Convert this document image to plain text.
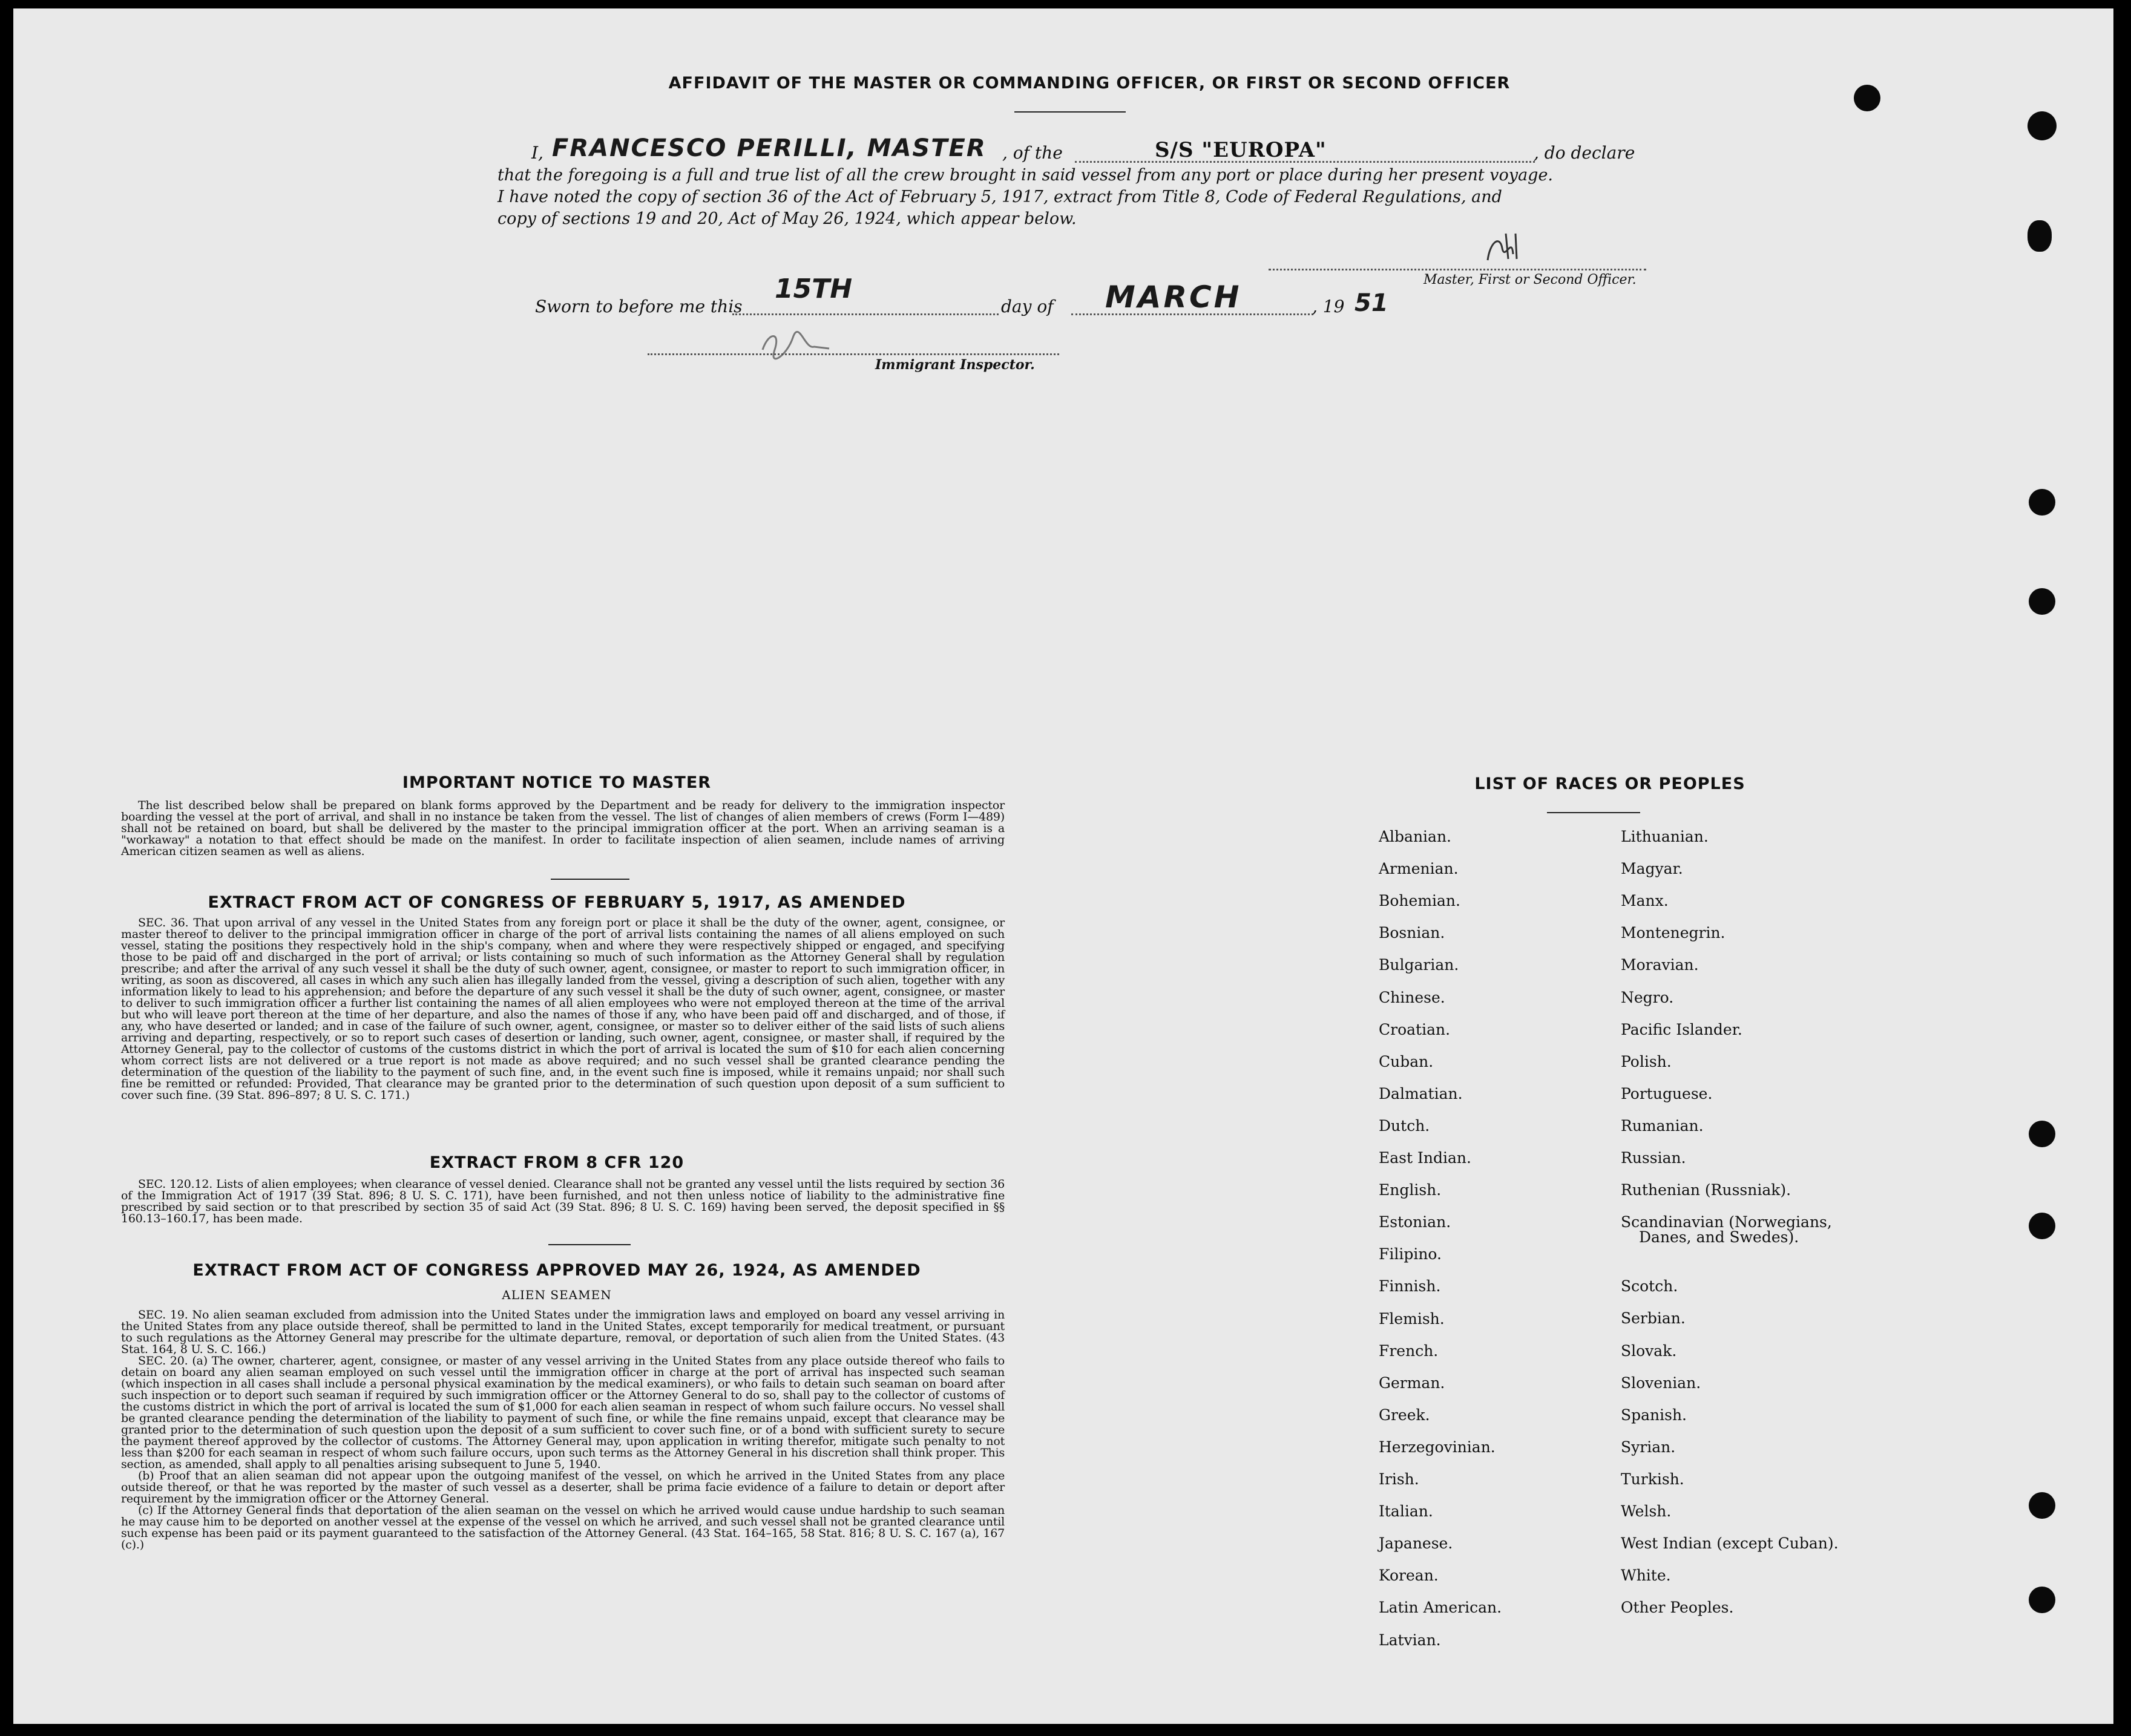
AFFIDAVIT OF THE MASTER OR COMMANDING OFFICER, OR FIRST OR SECOND OFFICER
I, FRANCESCO PERILLI, MASTER , of the	S/S "EUROPA"	, do declare
that the foregoing is a full and true list of all the crew brought in said vessel from any port or place during her present voyage.
I have noted the copy of section 36 of the Act of February 5, 1917, extract from Title 8, Code of Federal Regulations, and
copy of sections 19 and 20, Act of May 26, 1924, which appear below.
Master, First or Second Officer.
Sworn to before me this
15TH
day of MARCH	, 19 51
Immigrant Inspector.
IMPORTANT NOTICE TO MASTER
The list described below shall be prepared on blank forms approved by the Department and be ready for delivery to the immigration inspector boarding the vessel at the port of arrival, and shall in no instance be taken from the vessel. The list of changes of alien members of crews (Form I—489) shall not be retained on board, but shall be delivered by the master to the principal immigration officer at the port. When an arriving seaman is a "workaway" a notation to that effect should be made on the manifest. In order to facilitate inspection of alien seamen, include names of arriving American citizen seamen as well as aliens.
EXTRACT FROM ACT OF CONGRESS OF FEBRUARY 5, 1917, AS AMENDED
SEC. 36. That upon arrival of any vessel in the United States from any foreign port or place it shall be the duty of the owner, agent, consignee, or master thereof to deliver to the principal immigration officer in charge of the port of arrival lists containing the names of all aliens employed on such vessel, stating the positions they respectively hold in the ship's company, when and where they were respectively shipped or engaged, and specifying those to be paid off and discharged in the port of arrival; or lists containing so much of such information as the Attorney General shall by regulation prescribe; and after the arrival of any such vessel it shall be the duty of such owner, agent, consignee, or master to report to such immigration officer, in writing, as soon as discovered, all cases in which any such alien has illegally landed from the vessel, giving a description of such alien, together with any information likely to lead to his apprehension; and before the departure of any such vessel it shall be the duty of such owner, agent, consignee, or master to deliver to such immigration officer a further list containing the names of all alien employees who were not employed thereon at the time of the arrival but who will leave port thereon at the time of her departure, and also the names of those if any, who have been paid off and discharged, and of those, if any, who have deserted or landed; and in case of the failure of such owner, agent, consignee, or master so to deliver either of the said lists of such aliens arriving and departing, respectively, or so to report such cases of desertion or landing, such owner, agent, consignee, or master shall, if required by the Attorney General, pay to the collector of customs of the customs district in which the port of arrival is located the sum of $10 for each alien concerning whom correct lists are not delivered or a true report is not made as above required; and no such vessel shall be granted clearance pending the determination of the question of the liability to the payment of such fine, and, in the event such fine is imposed, while it remains unpaid; nor shall such fine be remitted or refunded: Provided, That clearance may be granted prior to the determination of such question upon deposit of a sum sufficient to cover such fine. (39 Stat. 896–897; 8 U. S. C. 171.)
EXTRACT FROM 8 CFR 120
SEC. 120.12. Lists of alien employees; when clearance of vessel denied. Clearance shall not be granted any vessel until the lists required by section 36 of the Immigration Act of 1917 (39 Stat. 896; 8 U. S. C. 171), have been furnished, and not then unless notice of liability to the administrative fine prescribed by said section or to that prescribed by section 35 of said Act (39 Stat. 896; 8 U. S. C. 169) having been served, the deposit specified in §§ 160.13–160.17, has been made.
EXTRACT FROM ACT OF CONGRESS APPROVED MAY 26, 1924, AS AMENDED
ALIEN SEAMEN

SEC. 19. No alien seaman excluded from admission into the United States under the immigration laws and employed on board any vessel arriving in the United States from any place outside thereof, shall be permitted to land in the United States, except temporarily for medical treatment, or pursuant to such regulations as the Attorney General may prescribe for the ultimate departure, removal, or deportation of such alien from the United States. (43 Stat. 164, 8 U. S. C. 166.)

SEC. 20. (a) The owner, charterer, agent, consignee, or master of any vessel arriving in the United States from any place outside thereof who fails to detain on board any alien seaman employed on such vessel until the immigration officer in charge at the port of arrival has inspected such seaman (which inspection in all cases shall include a personal physical examination by the medical examiners), or who fails to detain such seaman on board after such inspection or to deport such seaman if required by such immigration officer or the Attorney General to do so, shall pay to the collector of customs of the customs district in which the port of arrival is located the sum of $1,000 for each alien seaman in respect of whom such failure occurs. No vessel shall be granted clearance pending the determination of the liability to payment of such fine, or while the fine remains unpaid, except that clearance may be granted prior to the determination of such question upon the deposit of a sum sufficient to cover such fine, or of a bond with sufficient surety to secure the payment thereof approved by the collector of customs. The Attorney General may, upon application in writing therefor, mitigate such penalty to not less than $200 for each seaman in respect of whom such failure occurs, upon such terms as the Attorney General in his discretion shall think proper. This section, as amended, shall apply to all penalties arising subsequent to June 5, 1940.

(b) Proof that an alien seaman did not appear upon the outgoing manifest of the vessel, on which he arrived in the United States from any place outside thereof, or that he was reported by the master of such vessel as a deserter, shall be prima facie evidence of a failure to detain or deport after requirement by the immigration officer or the Attorney General.

(c) If the Attorney General finds that deportation of the alien seaman on the vessel on which he arrived would cause undue hardship to such seaman he may cause him to be deported on another vessel at the expense of the vessel on which he arrived, and such vessel shall not be granted clearance until such expense has been paid or its payment guaranteed to the satisfaction of the Attorney General. (43 Stat. 164–165, 58 Stat. 816; 8 U. S. C. 167 (a), 167 (c).)

LIST OF RACES OR PEOPLES
Albanian.
Armenian.
Bohemian.
Bosnian.
Bulgarian.
Chinese.
Croatian.
Cuban.
Dalmatian.
Dutch.
East Indian.
English.
Estonian.
Filipino.
Finnish.
Flemish.
French.
German.
Greek.
Herzegovinian.
Irish.
Italian.
Japanese.
Korean.
Latin American.
Latvian.
Lithuanian.
Magyar.
Manx.
Montenegrin.
Moravian.
Negro.
Pacific Islander.
Polish.
Portuguese.
Rumanian.
Russian.
Ruthenian (Russniak).
Scandinavian (Norwegians,
Danes, and Swedes).
Scotch.
Serbian.
Slovak.
Slovenian.
Spanish.
Syrian.
Turkish.
Welsh.
West Indian (except Cuban).
White.
Other Peoples.
